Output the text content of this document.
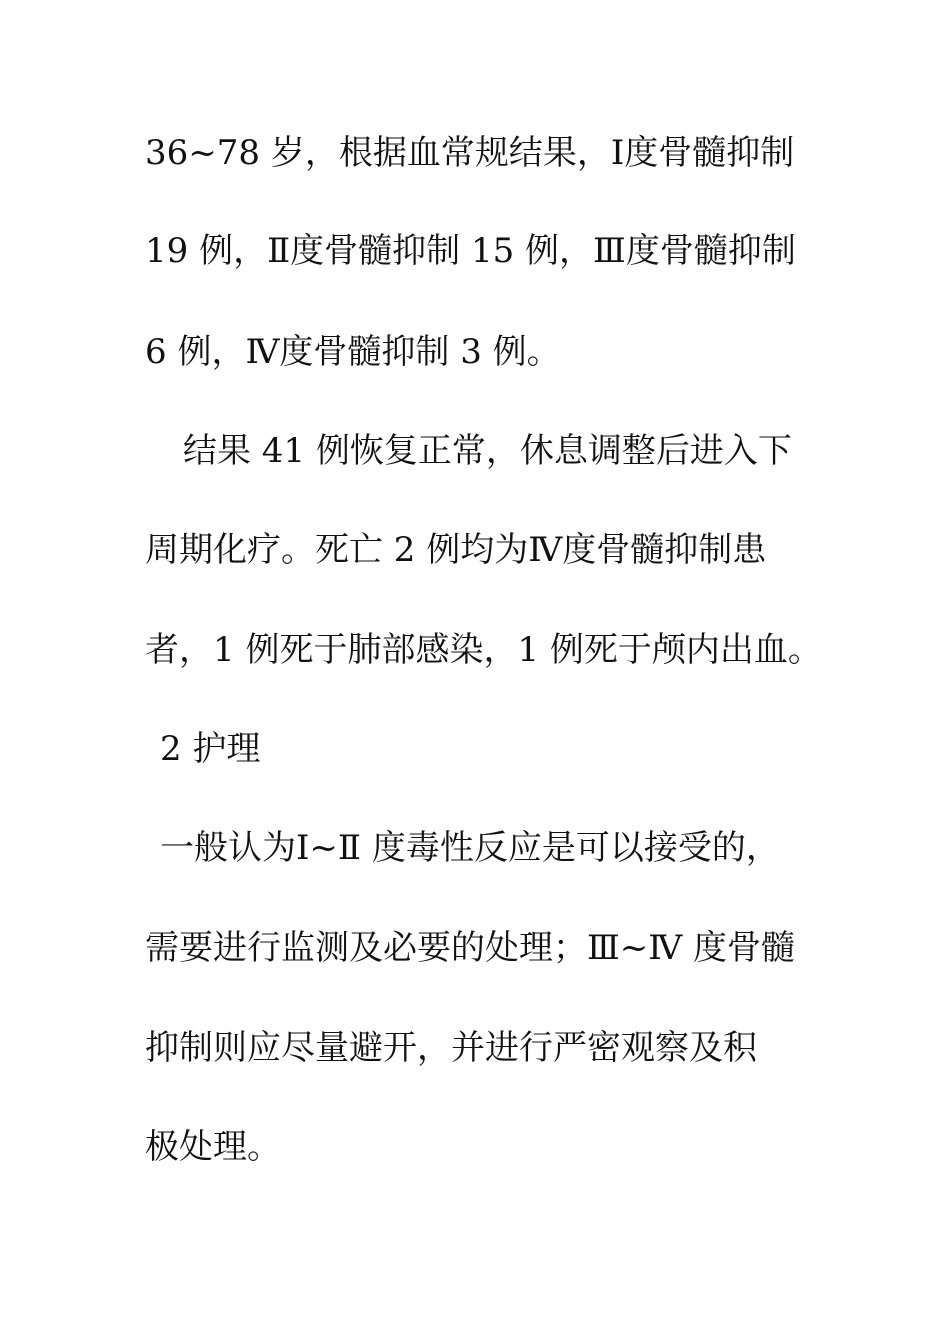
36~78 岁，根据血常规结果，Ⅰ度骨髓抑制
19 例，Ⅱ度骨髓抑制 15 例，Ⅲ度骨髓抑制
6 例，Ⅳ度骨髓抑制 3 例。
结果 41 例恢复正常，休息调整后进入下
周期化疗。死亡 2 例均为Ⅳ度骨髓抑制患
者，1 例死于肺部感染，1 例死于颅内出血。
2 护理
一般认为Ⅰ~Ⅱ 度毒性反应是可以接受的，
需要进行监测及必要的处理；Ⅲ~Ⅳ 度骨髓
抑制则应尽量避开，并进行严密观察及积
极处理。
